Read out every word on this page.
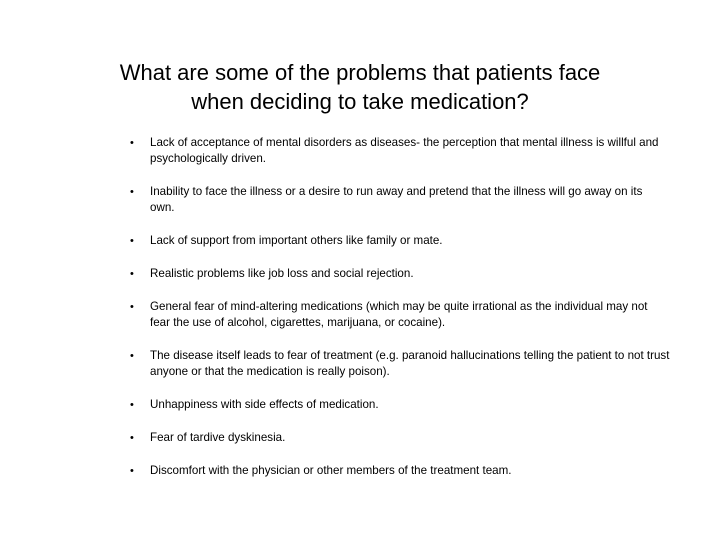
What are some of the problems that patients face
when deciding to take medication?
•	Lack of acceptance of mental disorders as diseases- the perception that mental illness is willful and psychologically driven.
•	Inability to face the illness or a desire to run away and pretend that the illness will go away on its own.
•	Lack of support from important others like family or mate.
•	Realistic problems like job loss and social rejection.
•	General fear of mind-altering medications (which may be quite irrational as the individual may not fear the use of alcohol, cigarettes, marijuana, or cocaine).
•	The disease itself leads to fear of treatment (e.g. paranoid hallucinations telling the patient to not trust anyone or that the medication is really poison).
•	Unhappiness with side effects of medication.
•	Fear of tardive dyskinesia.
•	Discomfort with the physician or other members of the treatment team.
